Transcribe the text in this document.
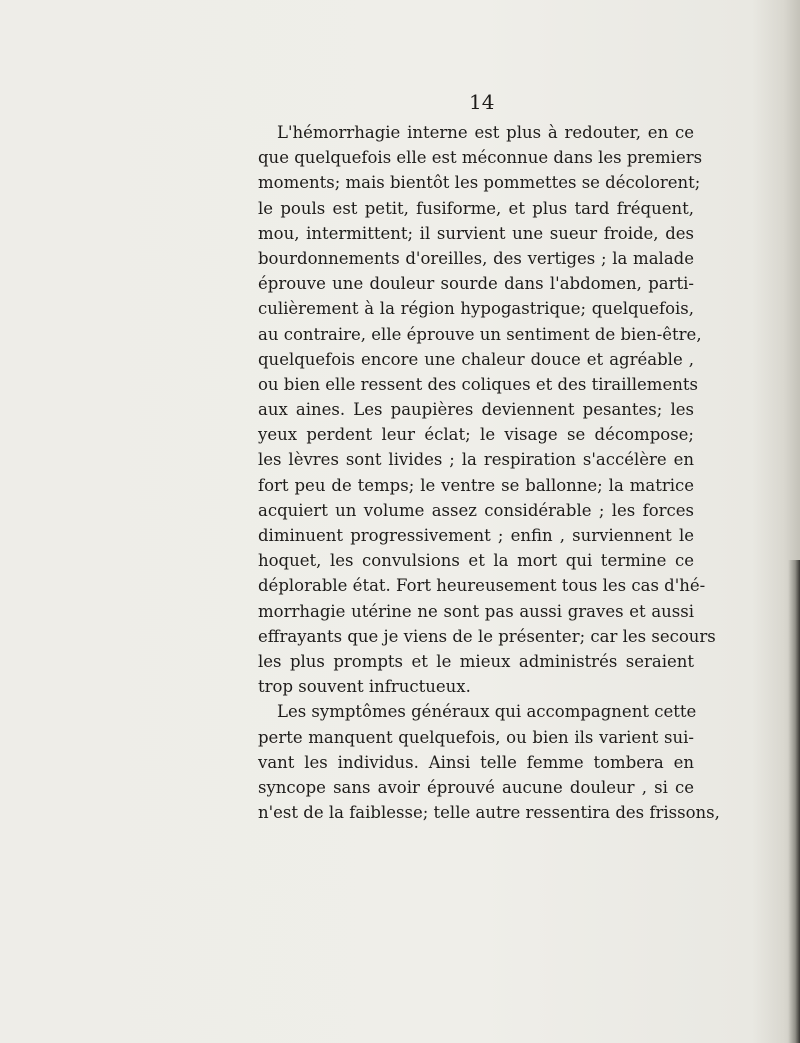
14
L'hémorrhagie interne est plus à redouter, en ce
que quelquefois elle est méconnue dans les premiers
moments; mais bientôt les pommettes se décolorent;
le pouls est petit, fusiforme, et plus tard fréquent,
mou, intermittent; il survient une sueur froide, des
bourdonnements d'oreilles, des vertiges ; la malade
éprouve une douleur sourde dans l'abdomen, parti-
culièrement à la région hypogastrique; quelquefois,
au contraire, elle éprouve un sentiment de bien-être,
quelquefois encore une chaleur douce et agréable ,
ou bien elle ressent des coliques et des tiraillements
aux aines. Les paupières deviennent pesantes; les
yeux perdent leur éclat; le visage se décompose;
les lèvres sont livides ; la respiration s'accélère en
fort peu de temps; le ventre se ballonne; la matrice
acquiert un volume assez considérable ; les forces
diminuent progressivement ; enfin , surviennent le
hoquet, les convulsions et la mort qui termine ce
déplorable état. Fort heureusement tous les cas d'hé-
morrhagie utérine ne sont pas aussi graves et aussi
effrayants que je viens de le présenter; car les secours
les plus prompts et le mieux administrés seraient
trop souvent infructueux.
Les symptômes généraux qui accompagnent cette
perte manquent quelquefois, ou bien ils varient sui-
vant les individus. Ainsi telle femme tombera en
syncope sans avoir éprouvé aucune douleur , si ce
n'est de la faiblesse; telle autre ressentira des frissons,
